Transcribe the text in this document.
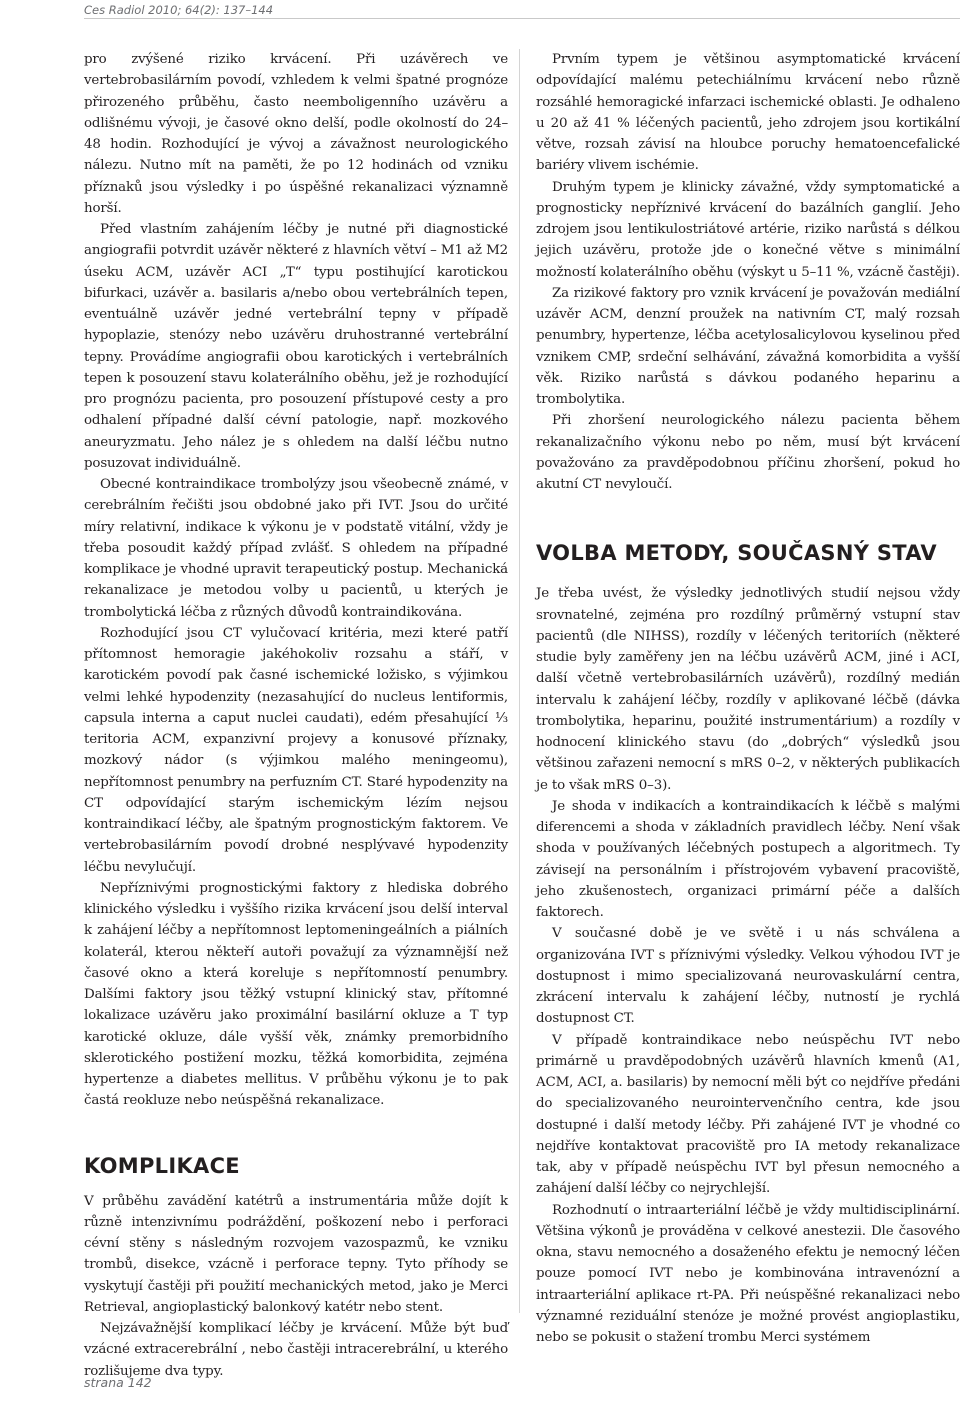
Ces Radiol 2010; 64(2): 137–144

pro zvýšené riziko krvácení. Při uzávěrech ve vertebrobasilárním povodí, vzhledem k velmi špatné prognóze přirozeného průběhu, často neemboligenního uzávěru a odlišnému vývoji, je časové okno delší, podle okolností do 24–48 hodin. Rozhodující je vývoj a závažnost neurologického nálezu. Nutno mít na paměti, že po 12 hodinách od vzniku příznaků jsou výsledky i po úspěšné rekanalizaci významně horší.

Před vlastním zahájením léčby je nutné při diagnostické angiografii potvrdit uzávěr některé z hlavních větví – M1 až M2 úseku ACM, uzávěr ACI „T“ typu postihující karotickou bifurkaci, uzávěr a. basilaris a/nebo obou vertebrálních tepen, eventuálně uzávěr jedné vertebrální tepny v případě hypoplazie, stenózy nebo uzávěru druhostranné vertebrální tepny. Provádíme angiografii obou karotických i vertebrálních tepen k posouzení stavu kolaterálního oběhu, jež je rozhodující pro prognózu pacienta, pro posouzení přístupové cesty a pro odhalení případné další cévní patologie, např. mozkového aneuryzmatu. Jeho nález je s ohledem na další léčbu nutno posuzovat individuálně.

Obecné kontraindikace trombolýzy jsou všeobecně známé, v cerebrálním řečišti jsou obdobné jako při IVT. Jsou do určité míry relativní, indikace k výkonu je v podstatě vitální, vždy je třeba posoudit každý případ zvlášť. S ohledem na případné komplikace je vhodné upravit terapeutický postup. Mechanická rekanalizace je metodou volby u pacientů, u kterých je trombolytická léčba z různých důvodů kontraindikována.

Rozhodující jsou CT vylučovací kritéria, mezi které patří přítomnost hemoragie jakéhokoliv rozsahu a stáří, v karotickém povodí pak časné ischemické ložisko, s výjimkou velmi lehké hypodenzity (nezasahující do nucleus lentiformis, capsula interna a caput nuclei caudati), edém přesahující ⅓ teritoria ACM, expanzivní projevy a konusové příznaky, mozkový nádor (s výjimkou malého meningeomu), nepřítomnost penumbry na perfuzním CT. Staré hypodenzity na CT odpovídající starým ischemickým lézím nejsou kontraindikací léčby, ale špatným prognostickým faktorem. Ve vertebrobasilárním povodí drobné nesplývavé hypodenzity léčbu nevylučují.

Nepříznivými prognostickými faktory z hlediska dobrého klinického výsledku i vyššího rizika krvácení jsou delší interval k zahájení léčby a nepřítomnost leptomeningeálních a piálních kolaterál, kterou někteří autoři považují za významnější než časové okno a která koreluje s nepřítomností penumbry. Dalšími faktory jsou těžký vstupní klinický stav, přítomné lokalizace uzávěru jako proximální basilární okluze a T typ karotické okluze, dále vyšší věk, známky premorbidního sklerotického postižení mozku, těžká komorbidita, zejména hypertenze a diabetes mellitus. V průběhu výkonu je to pak častá reokluze nebo neúspěšná rekanalizace.

KOMPLIKACE

V průběhu zavádění katétrů a instrumentária může dojít k různě intenzivnímu podráždění, poškození nebo i perforaci cévní stěny s následným rozvojem vazospazmů, ke vzniku trombů, disekce, vzácně i perforace tepny. Tyto příhody se vyskytují častěji při použití mechanických metod, jako je Merci Retrieval, angioplastický balonkový katétr nebo stent.

Nejzávažnější komplikací léčby je krvácení. Může být buď vzácné extracerebrální , nebo častěji intracerebrální, u kterého rozlišujeme dva typy.

Prvním typem je většinou asymptomatické krvácení odpovídající malému petechiálnímu krvácení nebo různě rozsáhlé hemoragické infarzaci ischemické oblasti. Je odhaleno u 20 až 41 % léčených pacientů, jeho zdrojem jsou kortikální větve, rozsah závisí na hloubce poruchy hematoencefalické bariéry vlivem ischémie.

Druhým typem je klinicky závažné, vždy symptomatické a prognosticky nepříznivé krvácení do bazálních ganglií. Jeho zdrojem jsou lentikulostriátové artérie, riziko narůstá s délkou jejich uzávěru, protože jde o konečné větve s minimální možností kolaterálního oběhu (výskyt u 5–11 %, vzácně častěji).

Za rizikové faktory pro vznik krvácení je považován mediální uzávěr ACM, denzní proužek na nativním CT, malý rozsah penumbry, hypertenze, léčba acetylosalicylovou kyselinou před vznikem CMP, srdeční selhávání, závažná komorbidita a vyšší věk. Riziko narůstá s dávkou podaného heparinu a trombolytika.

Při zhoršení neurologického nálezu pacienta během rekanalizačního výkonu nebo po něm, musí být krvácení považováno za pravděpodobnou příčinu zhoršení, pokud ho akutní CT nevyloučí.

VOLBA METODY, SOUČASNÝ STAV

Je třeba uvést, že výsledky jednotlivých studií nejsou vždy srovnatelné, zejména pro rozdílný průměrný vstupní stav pacientů (dle NIHSS), rozdíly v léčených teritoriích (některé studie byly zaměřeny jen na léčbu uzávěrů ACM, jiné i ACI, další včetně vertebrobasilárních uzávěrů), rozdílný medián intervalu k zahájení léčby, rozdíly v aplikované léčbě (dávka trombolytika, heparinu, použité instrumentárium) a rozdíly v hodnocení klinického stavu (do „dobrých“ výsledků jsou většinou zařazeni nemocní s mRS 0–2, v některých publikacích je to však mRS 0–3).

Je shoda v indikacích a kontraindikacích k léčbě s malými diferencemi a shoda v základních pravidlech léčby. Není však shoda v používaných léčebných postupech a algoritmech. Ty závisejí na personálním i přístrojovém vybavení pracoviště, jeho zkušenostech, organizaci primární péče a dalších faktorech.

V současné době je ve světě i u nás schválena a organizována IVT s příznivými výsledky. Velkou výhodou IVT je dostupnost i mimo specializovaná neurovaskulární centra, zkrácení intervalu k zahájení léčby, nutností je rychlá dostupnost CT.

V případě kontraindikace nebo neúspěchu IVT nebo primárně u pravděpodobných uzávěrů hlavních kmenů (A1, ACM, ACI, a. basilaris) by nemocní měli být co nejdříve předáni do specializovaného neurointervenčního centra, kde jsou dostupné i další metody léčby. Při zahájené IVT je vhodné co nejdříve kontaktovat pracoviště pro IA metody rekanalizace tak, aby v případě neúspěchu IVT byl přesun nemocného a zahájení další léčby co nejrychlejší.

Rozhodnutí o intraarteriální léčbě je vždy multidisciplinární. Většina výkonů je prováděna v celkové anestezii. Dle časového okna, stavu nemocného a dosaženého efektu je nemocný léčen pouze pomocí IVT nebo je kombinována intravenózní a intraarteriální aplikace rt-PA. Při neúspěšné rekanalizaci nebo významné reziduální stenóze je možné provést angioplastiku, nebo se pokusit o stažení trombu Merci systémem

strana 142
